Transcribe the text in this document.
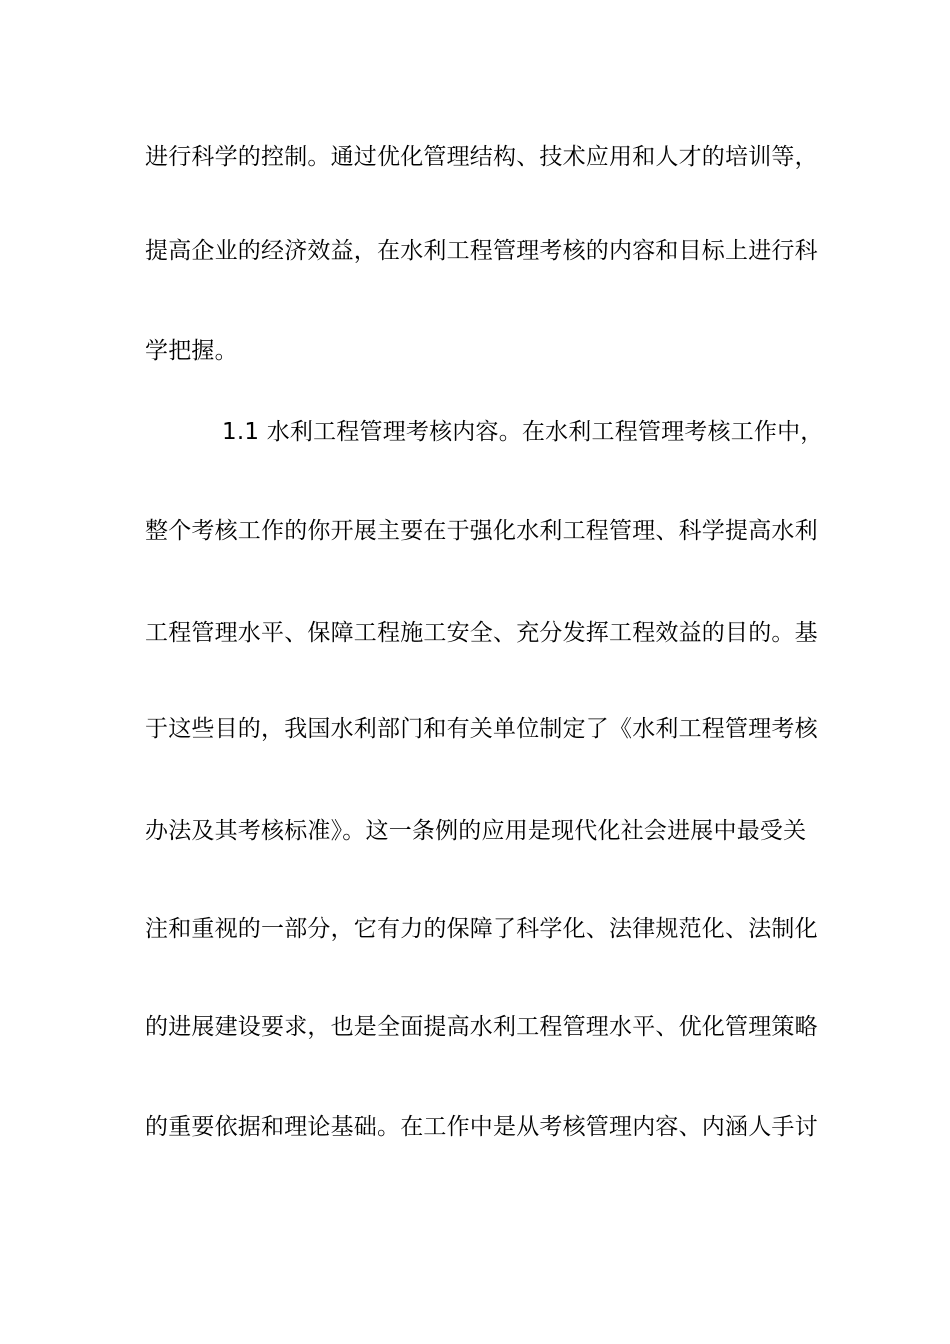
进行科学的控制。通过优化管理结构、技术应用和人才的培训等，
提高企业的经济效益，在水利工程管理考核的内容和目标上进行科
学把握。
1.1 水利工程管理考核内容。在水利工程管理考核工作中，
整个考核工作的你开展主要在于强化水利工程管理、科学提高水利
工程管理水平、保障工程施工安全、充分发挥工程效益的目的。基
于这些目的，我国水利部门和有关单位制定了《水利工程管理考核
办法及其考核标准》。这一条例的应用是现代化社会进展中最受关
注和重视的一部分，它有力的保障了科学化、法律规范化、法制化
的进展建设要求，也是全面提高水利工程管理水平、优化管理策略
的重要依据和理论基础。在工作中是从考核管理内容、内涵人手讨
